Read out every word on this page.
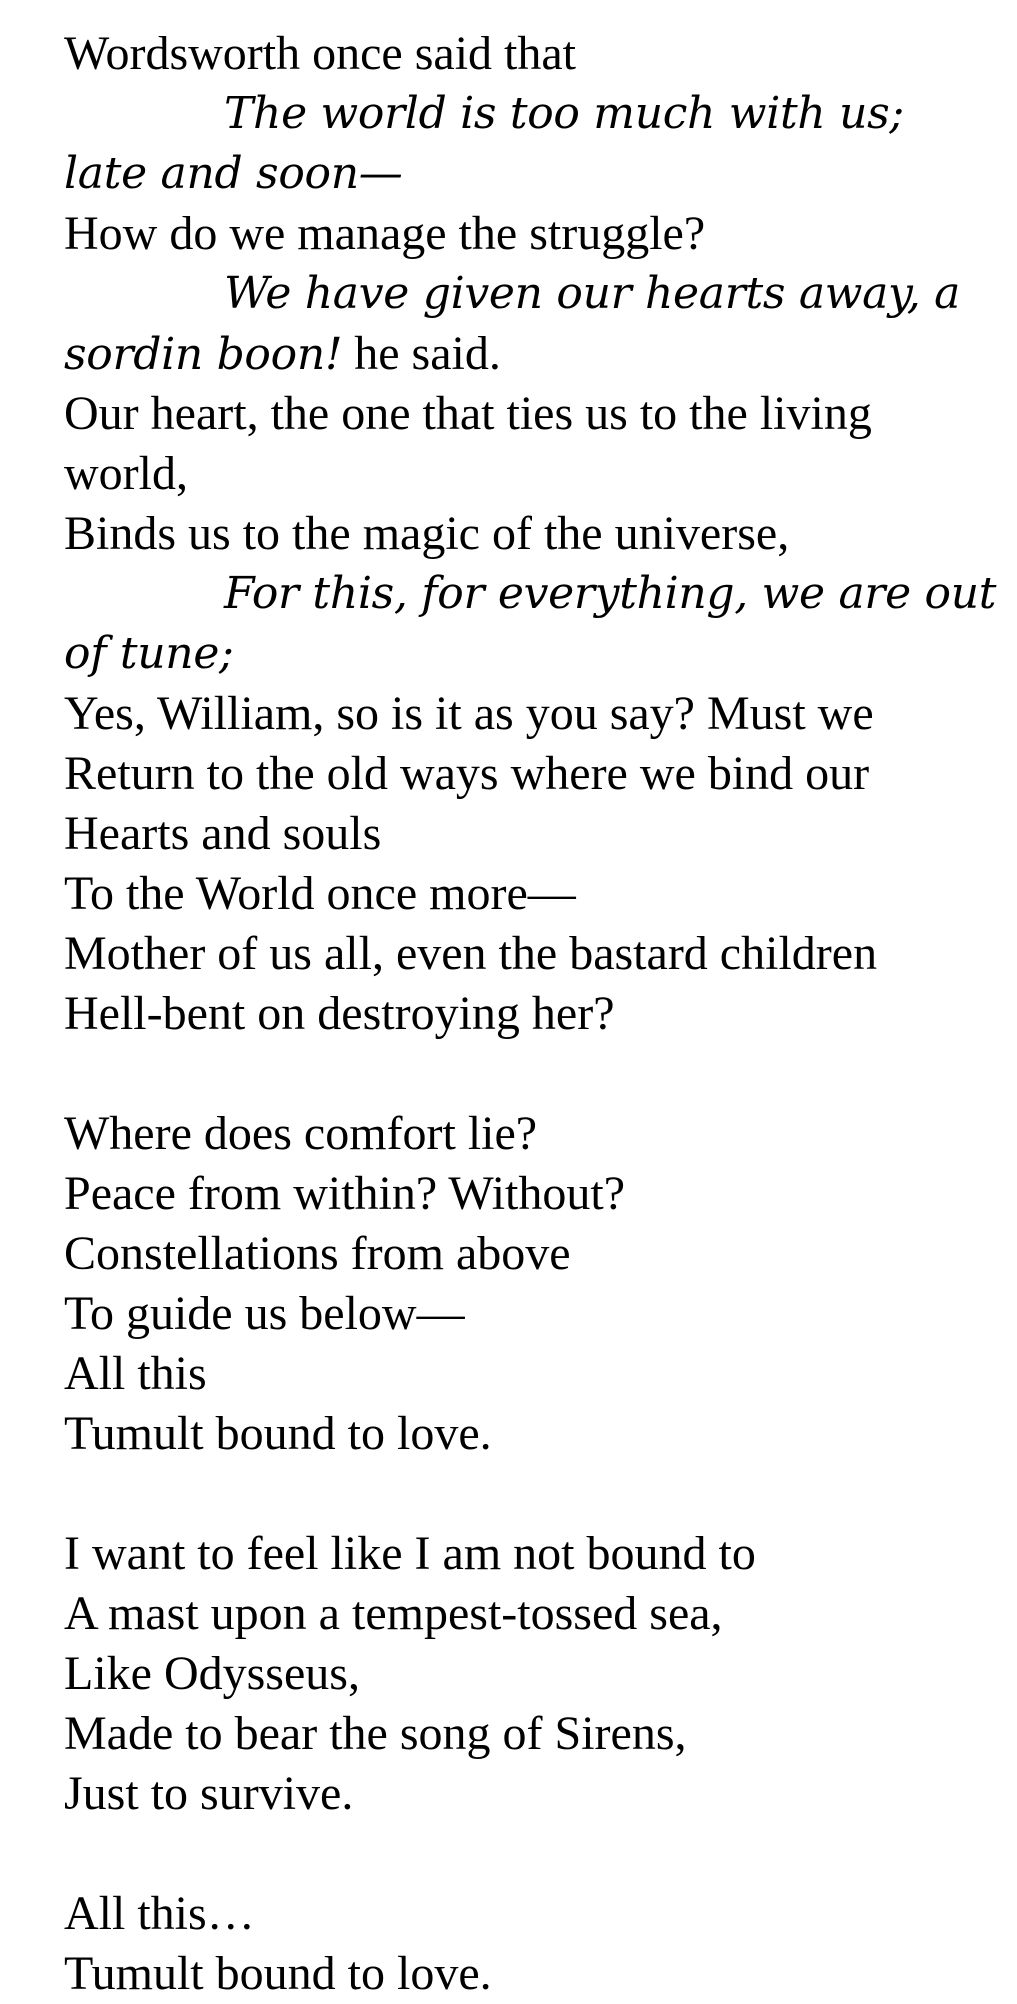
Wordsworth once said that
The world is too much with us;
late and soon—
How do we manage the struggle?
We have given our hearts away, a
sordin boon! he said.
Our heart, the one that ties us to the living
world,
Binds us to the magic of the universe,
For this, for everything, we are out
of tune;
Yes, William, so is it as you say? Must we
Return to the old ways where we bind our
Hearts and souls
To the World once more—
Mother of us all, even the bastard children
Hell-bent on destroying her?
Where does comfort lie?
Peace from within? Without?
Constellations from above
To guide us below—
All this
Tumult bound to love.
I want to feel like I am not bound to
A mast upon a tempest-tossed sea,
Like Odysseus,
Made to bear the song of Sirens,
Just to survive.
All this…
Tumult bound to love.
